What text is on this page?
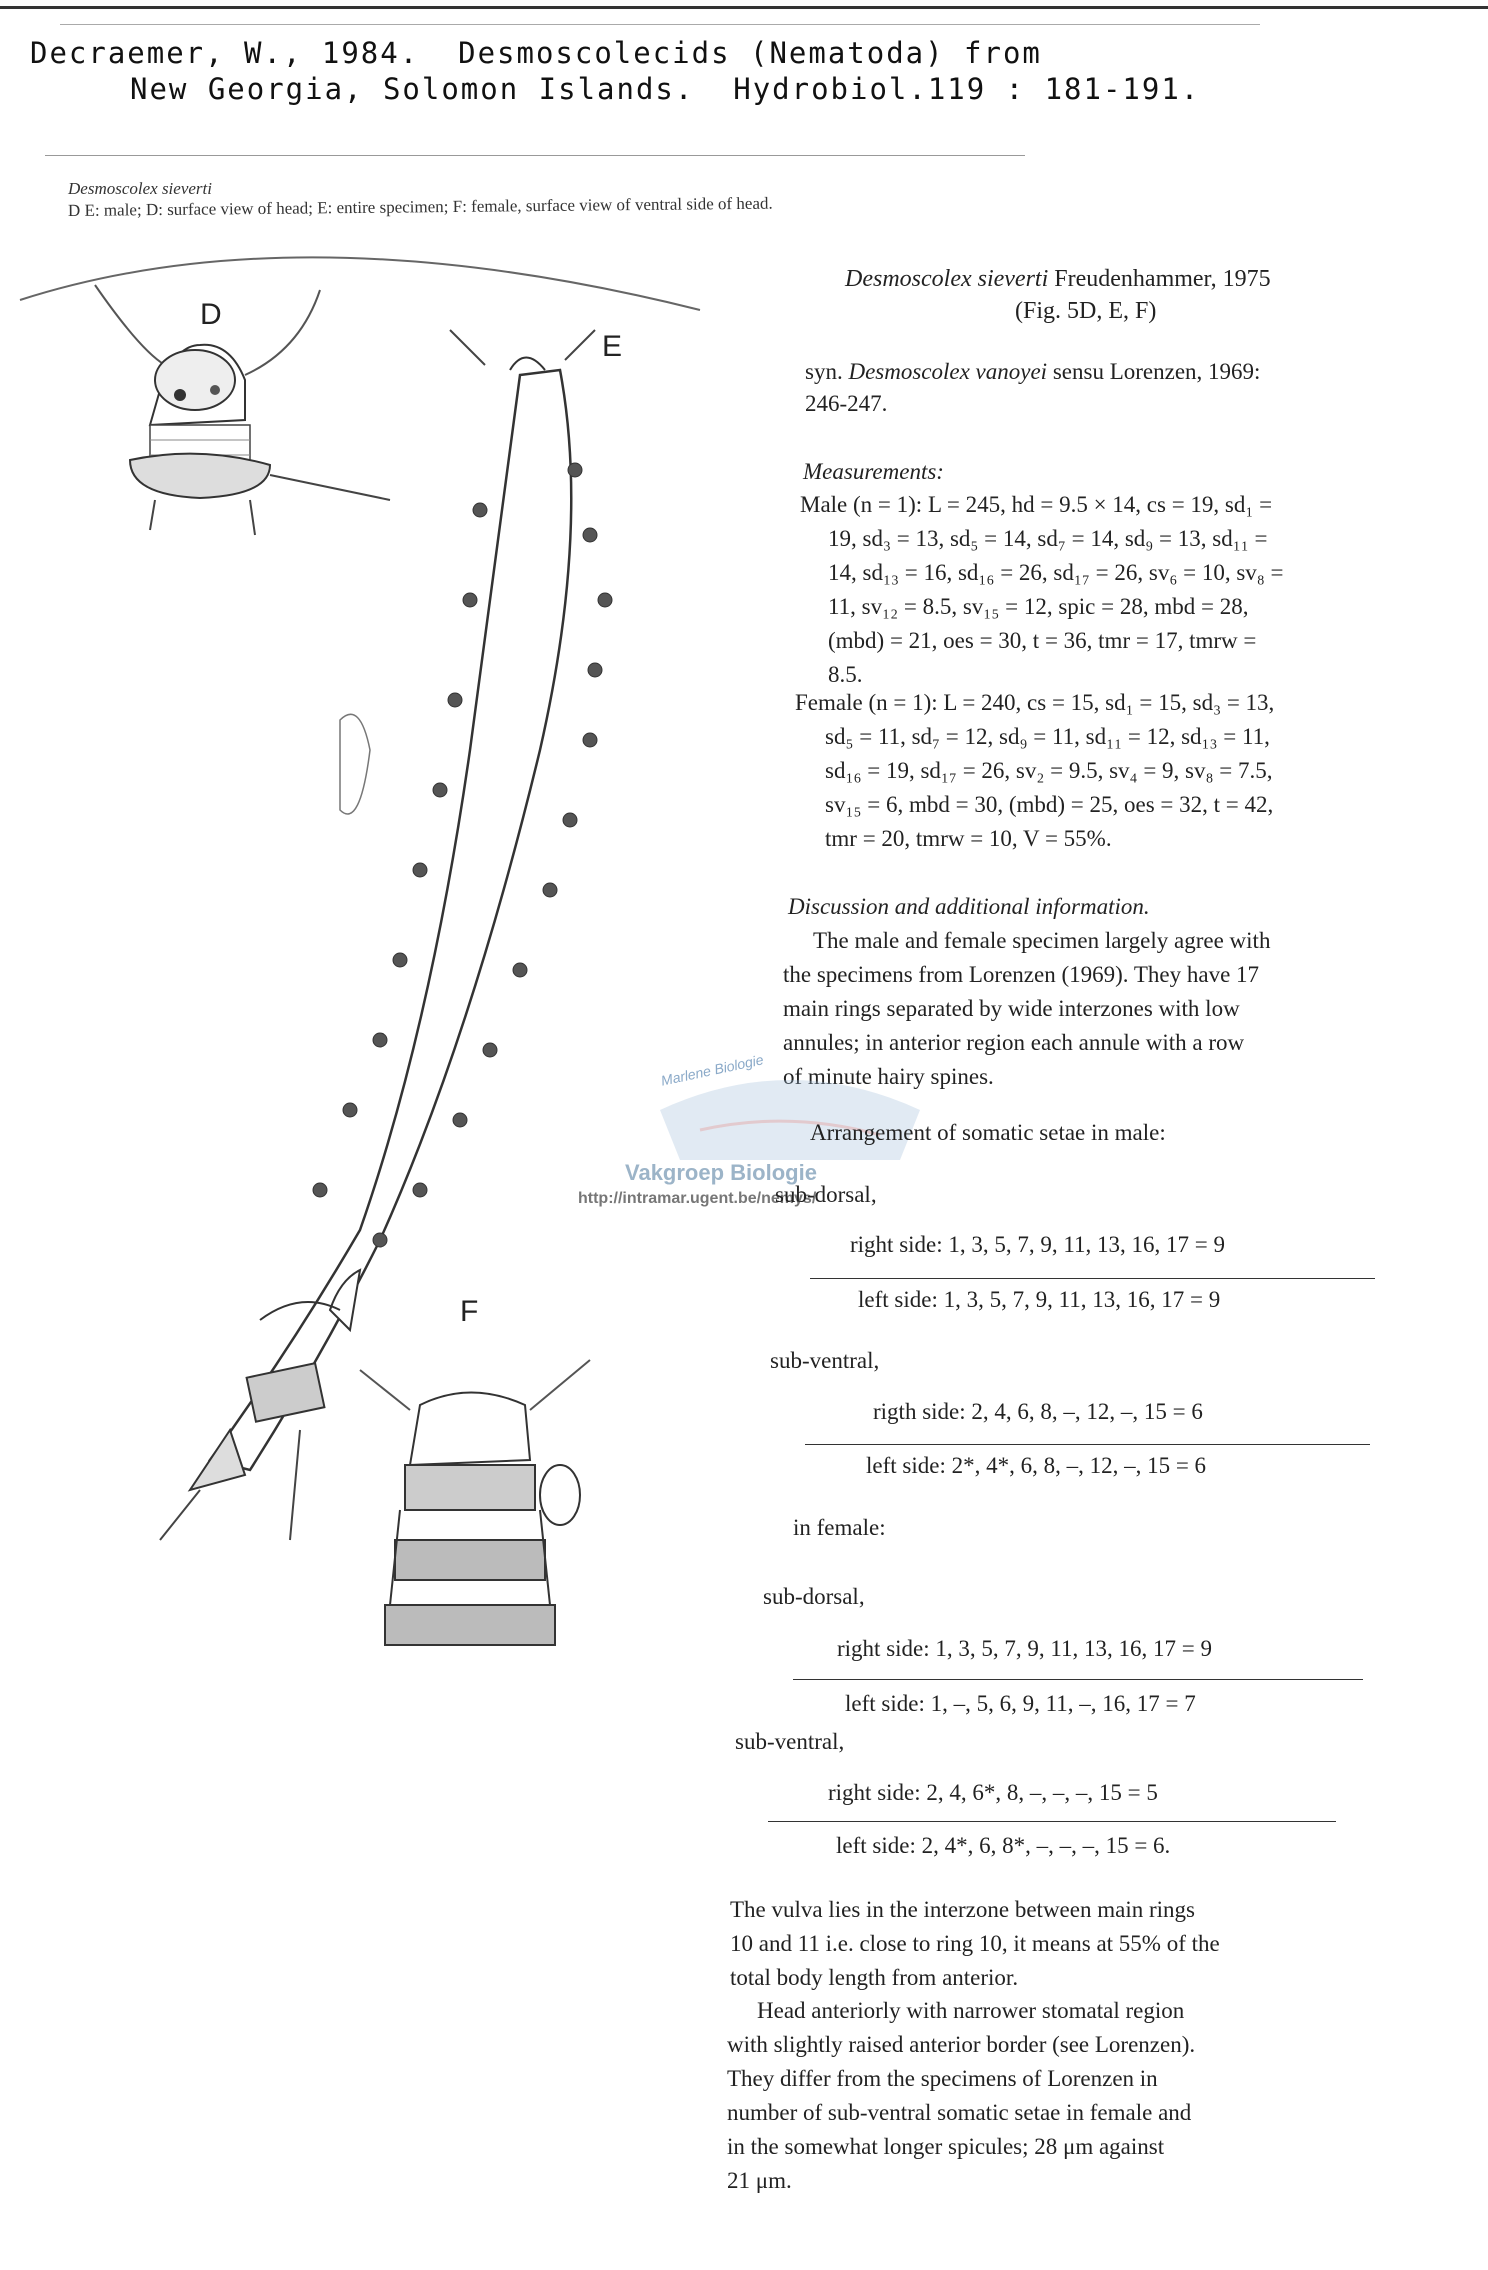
Decraemer, W., 1984.  Desmoscolecids (Nematoda) from
New Georgia, Solomon Islands.  Hydrobiol.119 : 181-191.
Desmoscolex sieverti
D E: male; D: surface view of head; E: entire specimen; F: female, surface view of ventral side of head.
D
E
F
Desmoscolex sieverti Freudenhammer, 1975
(Fig. 5D, E, F)
syn. Desmoscolex vanoyei sensu Lorenzen, 1969:
246-247.
Measurements:
Male (n = 1): L = 245, hd = 9.5 × 14, cs = 19, sd₁ =
19, sd₃ = 13, sd₅ = 14, sd₇ = 14, sd₉ = 13, sd₁₁ =
14, sd₁₃ = 16, sd₁₆ = 26, sd₁₇ = 26, sv₆ = 10, sv₈ =
11, sv₁₂ = 8.5, sv₁₅ = 12, spic = 28, mbd = 28,
(mbd) = 21, oes = 30, t = 36, tmr = 17, tmrw =
8.5.
Female (n = 1): L = 240, cs = 15, sd₁ = 15, sd₃ = 13,
sd₅ = 11, sd₇ = 12, sd₉ = 11, sd₁₁ = 12, sd₁₃ = 11,
sd₁₆ = 19, sd₁₇ = 26, sv₂ = 9.5, sv₄ = 9, sv₈ = 7.5,
sv₁₅ = 6, mbd = 30, (mbd) = 25, oes = 32, t = 42,
tmr = 20, tmrw = 10, V = 55%.
Discussion and additional information.
The male and female specimen largely agree with
the specimens from Lorenzen (1969). They have 17
main rings separated by wide interzones with low
annules; in anterior region each annule with a row
of minute hairy spines.
Marlene Biologie
Vakgroep Biologie
http://intramar.ugent.be/nemys/
Arrangement of somatic setae in male:
sub-dorsal,
right side: 1, 3, 5, 7, 9, 11, 13, 16, 17 = 9
left side: 1, 3, 5, 7, 9, 11, 13, 16, 17 = 9
sub-ventral,
rigth side: 2, 4, 6, 8, –, 12, –, 15 = 6
left side: 2*, 4*, 6, 8, –, 12, –, 15 = 6
in female:
sub-dorsal,
right side: 1, 3, 5, 7, 9, 11, 13, 16, 17 = 9
left side: 1, –, 5, 6, 9, 11, –, 16, 17 = 7
sub-ventral,
right side: 2, 4, 6*, 8, –, –, –, 15 = 5
left side: 2, 4*, 6, 8*, –, –, –, 15 = 6.
The vulva lies in the interzone between main rings
10 and 11 i.e. close to ring 10, it means at 55% of the
total body length from anterior.
Head anteriorly with narrower stomatal region
with slightly raised anterior border (see Lorenzen).
They differ from the specimens of Lorenzen in
number of sub-ventral somatic setae in female and
in the somewhat longer spicules; 28 μm against
21 μm.
